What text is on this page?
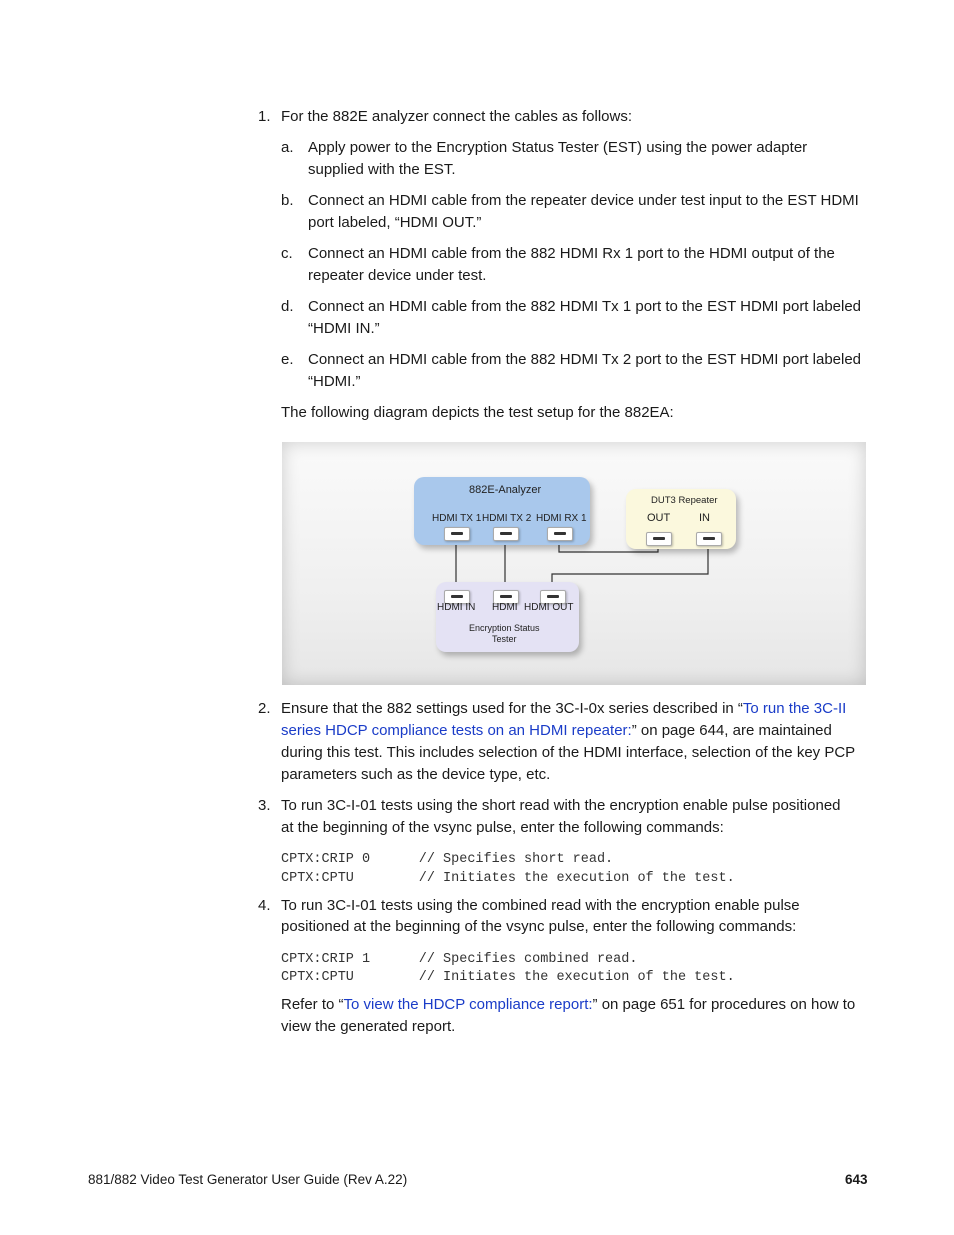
1. For the 882E analyzer connect the cables as follows:
a. Apply power to the Encryption Status Tester (EST) using the power adapter
supplied with the EST.
b. Connect an HDMI cable from the repeater device under test input to the EST HDMI
port labeled, “HDMI OUT.”
c. Connect an HDMI cable from the 882 HDMI Rx 1 port to the HDMI output of the
repeater device under test.
d. Connect an HDMI cable from the 882 HDMI Tx 1 port to the EST HDMI port labeled
“HDMI IN.”
e. Connect an HDMI cable from the 882 HDMI Tx 2 port to the EST HDMI port labeled
“HDMI.”
The following diagram depicts the test setup for the 882EA:
882E-Analyzer
HDMI TX 1 HDMI TX 2 HDMI RX 1
DUT3 Repeater
OUT	IN
HDMI IN HDMI HDMI OUT
Encryption Status
Tester
2. Ensure that the 882 settings used for the 3C-I-0x series described in “To run the 3C-II
series HDCP compliance tests on an HDMI repeater:” on page 644, are maintained
during this test. This includes selection of the HDMI interface, selection of the key PCP
parameters such as the device type, etc.
3. To run 3C-I-01 tests using the short read with the encryption enable pulse positioned
at the beginning of the vsync pulse, enter the following commands:
CPTX:CRIP 0      // Specifies short read.
CPTX:CPTU        // Initiates the execution of the test.
4. To run 3C-I-01 tests using the combined read with the encryption enable pulse
positioned at the beginning of the vsync pulse, enter the following commands:
CPTX:CRIP 1      // Specifies combined read.
CPTX:CPTU        // Initiates the execution of the test.
Refer to “To view the HDCP compliance report:” on page 651 for procedures on how to
view the generated report.
881/882 Video Test Generator User Guide (Rev A.22)	643
